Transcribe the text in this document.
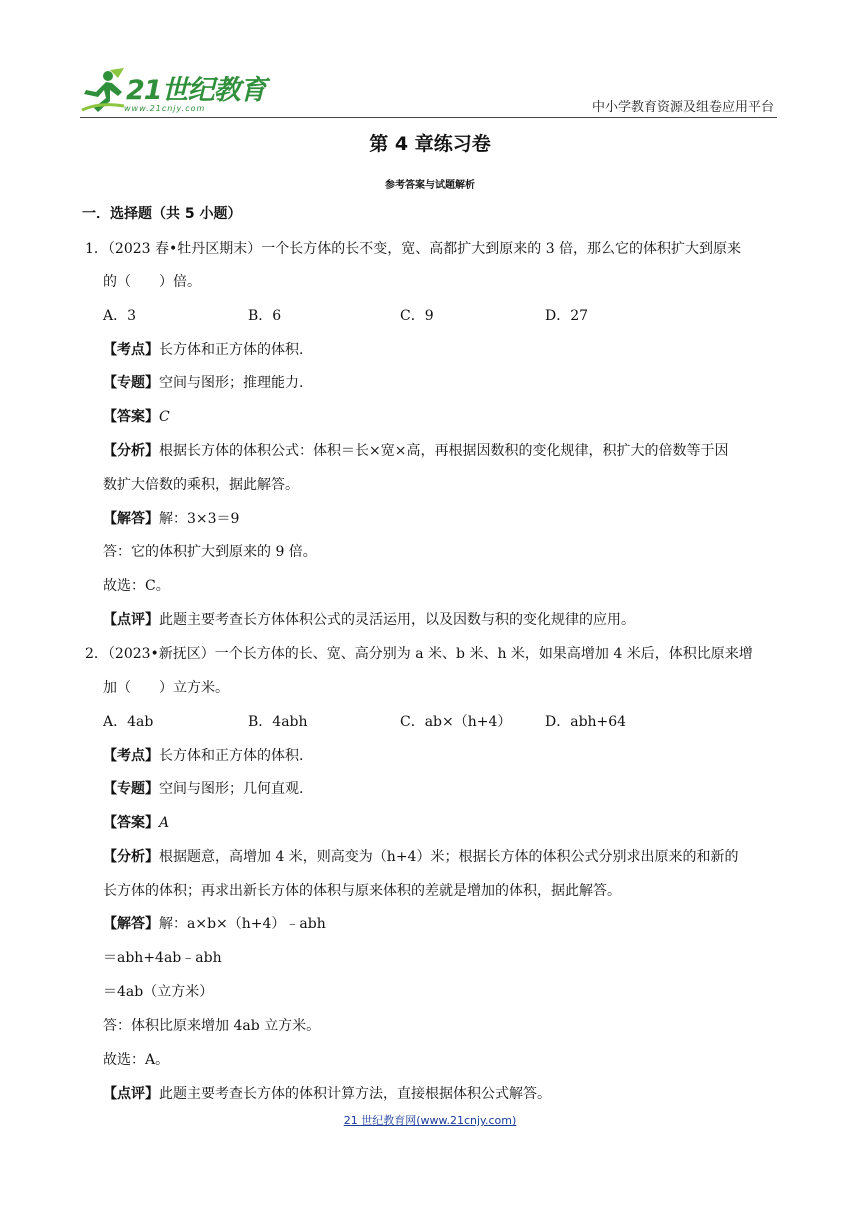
21世纪教育
www.21cnjy.com	中小学教育资源及组卷应用平台
第 4 章练习卷
参考答案与试题解析
一．选择题（共 5 小题）
1．（2023 春•牡丹区期末）一个长方体的长不变，宽、高都扩大到原来的 3 倍，那么它的体积扩大到原来
的（　　）倍。
A．3	B．6	C．9	D．27
【考点】长方体和正方体的体积.
【专题】空间与图形；推理能力.
【答案】C
【分析】根据长方体的体积公式：体积＝长×宽×高，再根据因数积的变化规律，积扩大的倍数等于因
数扩大倍数的乘积，据此解答。
【解答】解：3×3＝9
答：它的体积扩大到原来的 9 倍。
故选：C。
【点评】此题主要考查长方体体积公式的灵活运用，以及因数与积的变化规律的应用。
2．（2023•新抚区）一个长方体的长、宽、高分别为 a 米、b 米、h 米，如果高增加 4 米后，体积比原来增
加（　　）立方米。
A．4ab	B．4abh	C．ab×（h+4） D．abh+64
【考点】长方体和正方体的体积.
【专题】空间与图形；几何直观.
【答案】A
【分析】根据题意，高增加 4 米，则高变为（h+4）米；根据长方体的体积公式分别求出原来的和新的
长方体的体积；再求出新长方体的体积与原来体积的差就是增加的体积，据此解答。
【解答】解：a×b×（h+4）﹣abh
＝abh+4ab﹣abh
＝4ab（立方米）
答：体积比原来增加 4ab 立方米。
故选：A。
【点评】此题主要考查长方体的体积计算方法，直接根据体积公式解答。
21 世纪教育网(www.21cnjy.com)
